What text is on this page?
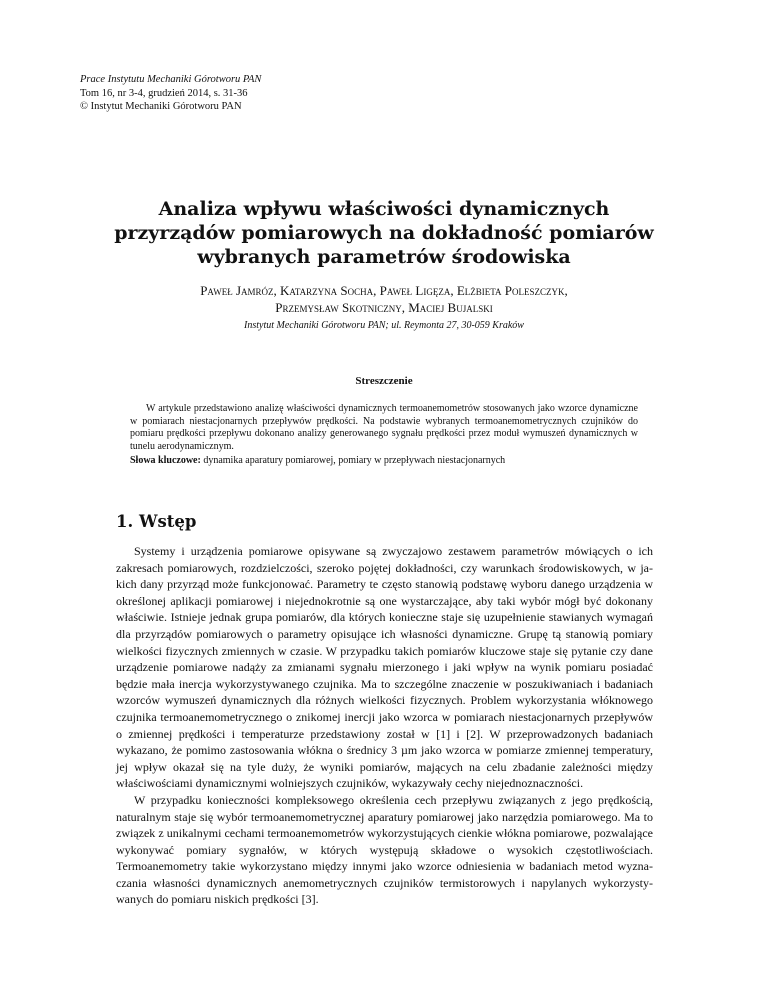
Prace Instytutu Mechaniki Górotworu PAN
Tom 16, nr 3-4, grudzień 2014, s. 31-36
© Instytut Mechaniki Górotworu PAN
Analiza wpływu właściwości dynamicznych
przyrządów pomiarowych na dokładność pomiarów
wybranych parametrów środowiska
Paweł Jamróz, Katarzyna Socha, Paweł Ligęza, Elżbieta Poleszczyk,
Przemysław Skotniczny, Maciej Bujalski
Instytut Mechaniki Górotworu PAN; ul. Reymonta 27, 30-059 Kraków
Streszczenie
W artykule przedstawiono analizę właściwości dynamicznych termoanemometrów stosowanych jako wzorce dynamiczne w pomiarach niestacjonarnych przepływów prędkości. Na podstawie wybranych termoanemometrycznych czujników do pomiaru prędkości przepływu dokonano analizy generowanego sygnału prędkości przez moduł wymuszeń dynamicznych w tunelu aerodynamicznym.
Słowa kluczowe: dynamika aparatury pomiarowej, pomiary w przepływach niestacjonarnych
1. Wstęp

Systemy i urządzenia pomiarowe opisywane są zwyczajowo zestawem parametrów mówiących o ich zakresach pomiarowych, rozdzielczości, szeroko pojętej dokładności, czy warunkach środowiskowych, w jakich dany przyrząd może funkcjonować. Parametry te często stanowią podstawę wyboru danego urządzenia w określonej aplikacji pomiarowej i niejednokrotnie są one wystarczające, aby taki wybór mógł być dokonany właściwie. Istnieje jednak grupa pomiarów, dla których konieczne staje się uzupełnienie stawianych wymagań dla przyrządów pomiarowych o parametry opisujące ich własności dynamiczne. Grupę tą stanowią pomiary wielkości fizycznych zmiennych w czasie. W przypadku takich pomiarów kluczowe staje się pytanie czy dane urządzenie pomiarowe nadąży za zmianami sygnału mierzonego i jaki wpływ na wynik pomiaru posiadać będzie mała inercja wykorzystywanego czujnika. Ma to szczególne znaczenie w poszukiwaniach i badaniach wzorców wymuszeń dynamicznych dla różnych wielkości fizycznych. Problem wykorzystania włóknowego czujnika termoanemometrycznego o znikomej inercji jako wzorca w pomiarach niestacjonarnych przepływów o zmiennej prędkości i temperaturze przedstawiony został w [1] i [2]. W przeprowadzonych badaniach wykazano, że pomimo zastosowania włókna o średnicy 3 µm jako wzorca w pomiarze zmiennej temperatury, jej wpływ okazał się na tyle duży, że wyniki pomiarów, mających na celu zbadanie zależności między właściwościami dynamicznymi wolniejszych czujników, wykazywały cechy niejednoznaczności.

W przypadku konieczności kompleksowego określenia cech przepływu związanych z jego prędkością, naturalnym staje się wybór termoanemometrycznej aparatury pomiarowej jako narzędzia pomiarowego. Ma to związek z unikalnymi cechami termoanemometrów wykorzystujących cienkie włókna pomiarowe, pozwalające wykonywać pomiary sygnałów, w których występują składowe o wysokich częstotliwościach. Termoanemometry takie wykorzystano między innymi jako wzorce odniesienia w badaniach metod wyznaczania własności dynamicznych anemometrycznych czujników termistorowych i napylanych wykorzystywanych do pomiaru niskich prędkości [3].
